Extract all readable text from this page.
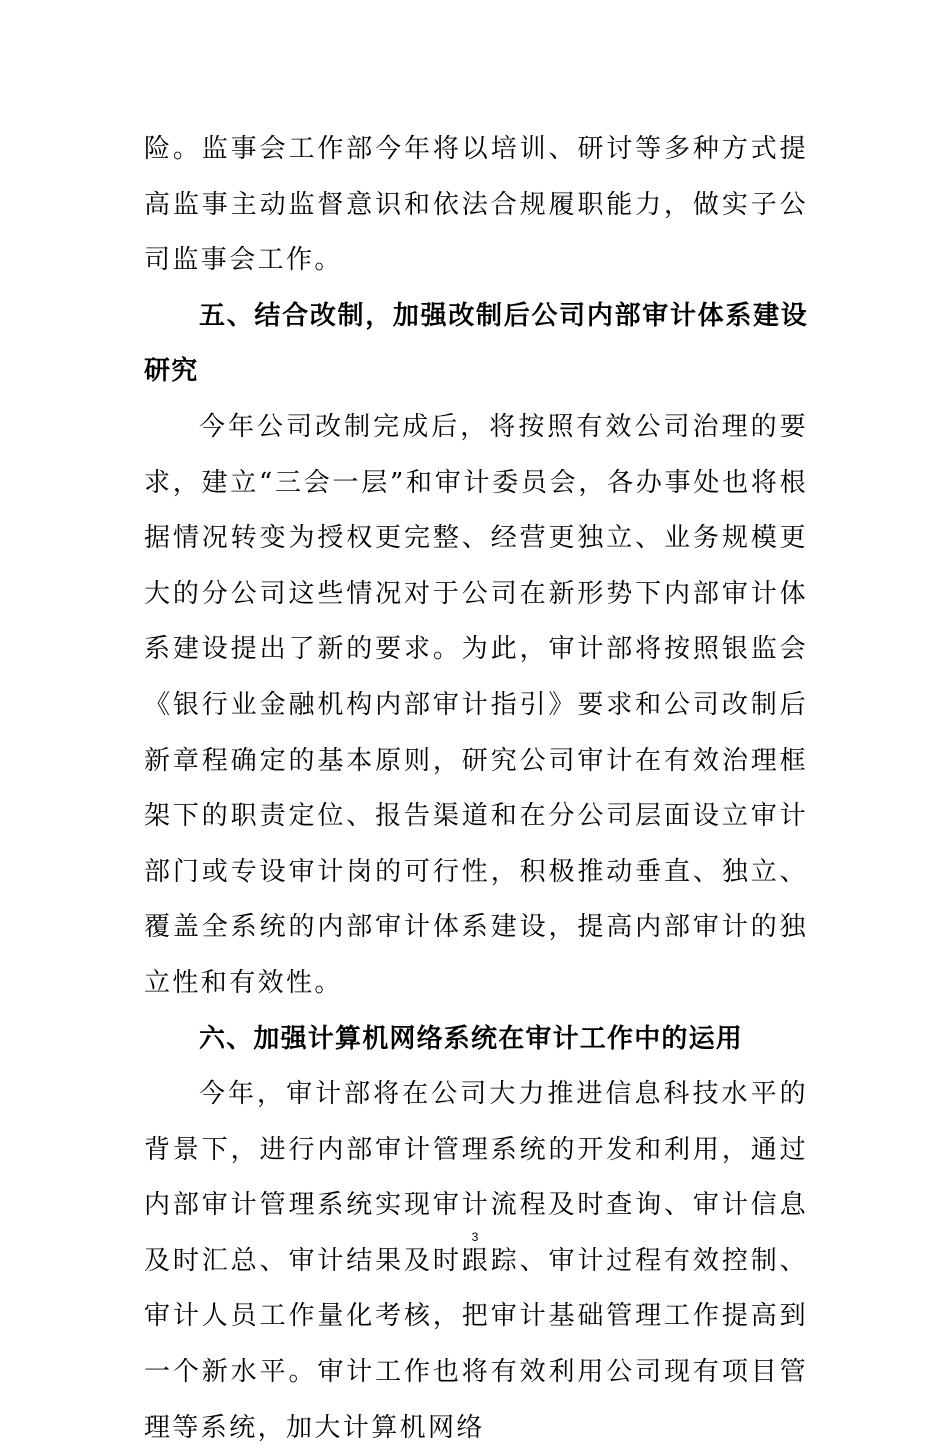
险。监事会工作部今年将以培训、研讨等多种方式提高监事主动监督意识和依法合规履职能力，做实子公司监事会工作。

五、结合改制，加强改制后公司内部审计体系建设研究

今年公司改制完成后，将按照有效公司治理的要求，建立“三会一层”和审计委员会，各办事处也将根据情况转变为授权更完整、经营更独立、业务规模更大的分公司这些情况对于公司在新形势下内部审计体系建设提出了新的要求。为此，审计部将按照银监会《银行业金融机构内部审计指引》要求和公司改制后新章程确定的基本原则，研究公司审计在有效治理框架下的职责定位、报告渠道和在分公司层面设立审计部门或专设审计岗的可行性，积极推动垂直、独立、覆盖全系统的内部审计体系建设，提高内部审计的独立性和有效性。

六、加强计算机网络系统在审计工作中的运用

今年，审计部将在公司大力推进信息科技水平的背景下，进行内部审计管理系统的开发和利用，通过内部审计管理系统实现审计流程及时查询、审计信息及时汇总、审计结果及时跟踪、审计过程有效控制、审计人员工作量化考核，把审计基础管理工作提高到一个新水平。审计工作也将有效利用公司现有项目管理等系统，加大计算机网络

3
